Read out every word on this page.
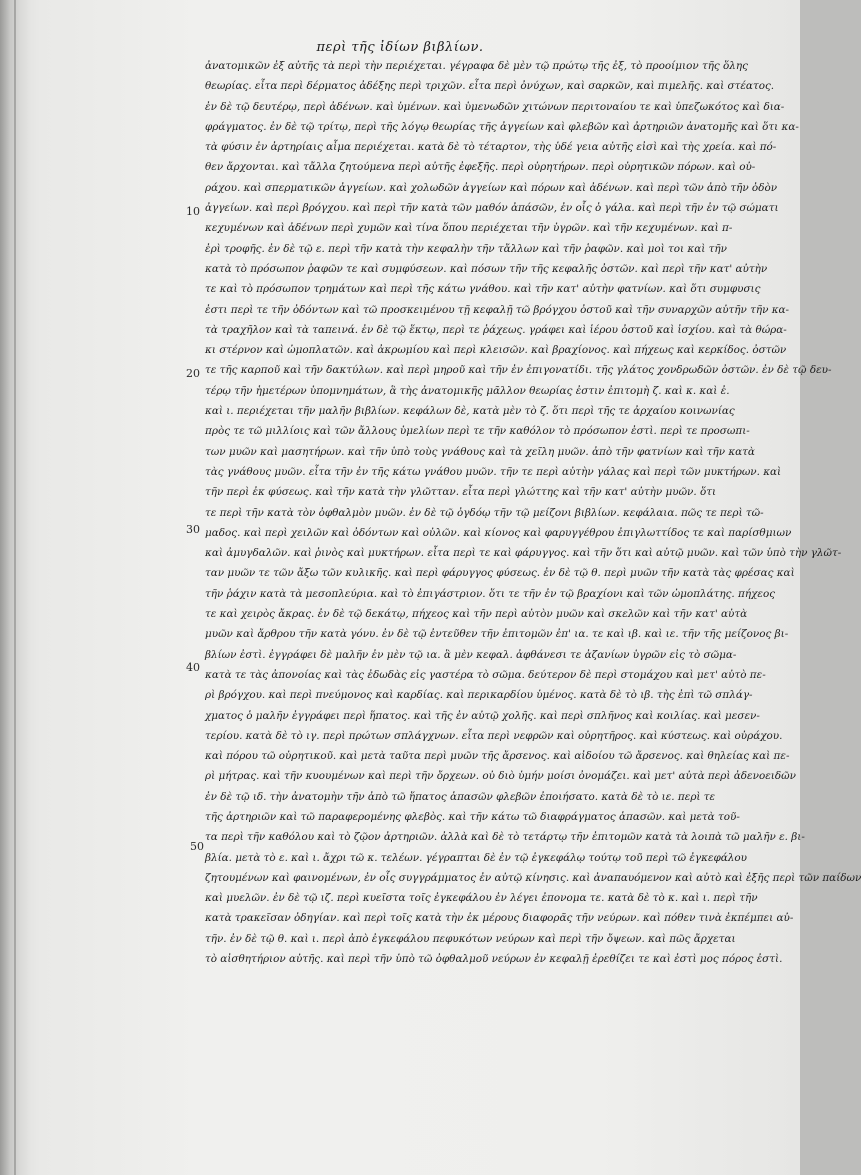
περὶ τῆς ἰδίων βιβλίων.
10
20
30
40
50
ἀνατομικῶν ἐξ αὐτῆς τὰ περὶ τὴν περιέχεται. γέγραφα δὲ μὲν τῷ πρώτῳ τῆς ἐξ, τὸ προοίμιον τῆς ὅλης
θεωρίας. εἶτα περὶ δέρματος ἀδέξης περὶ τριχῶν. εἶτα περὶ ὀνύχων, καὶ σαρκῶν, καὶ πιμελῆς. καὶ στέατος.
ἐν δὲ τῷ δευτέρῳ, περὶ ἀδένων. καὶ ὑμένων. καὶ ὑμενωδῶν χιτώνων περιτοναίου τε καὶ ὑπεζωκότος καὶ δια-
φράγματος. ἐν δὲ τῷ τρίτῳ, περὶ τῆς λόγῳ θεωρίας τῆς ἀγγείων καὶ φλεβῶν καὶ ἀρτηριῶν ἀνατομῆς καὶ ὅτι κα-
τὰ φύσιν ἐν ἀρτηρίαις αἷμα περιέχεται. κατὰ δὲ τὸ τέταρτον, τὴς ὑδέ γεια αὐτῆς εἰσὶ καὶ τὴς χρεία. καὶ πό-
θεν ἄρχονται. καὶ τἄλλα ζητούμενα περὶ αὐτῆς ἐφεξῆς. περὶ οὐρητήρων. περὶ οὐρητικῶν πόρων. καὶ οὐ-
ράχου. καὶ σπερματικῶν ἀγγείων. καὶ χολωδῶν ἀγγείων καὶ πόρων καὶ ἀδένων. καὶ περὶ τῶν ἀπὸ τῆν ὀδὸν
ἀγγείων. καὶ περὶ βρόγχου. καὶ περὶ τῆν κατὰ τῶν μαθόν ἀπάσῶν, ἐν οἷς ὁ γάλα. καὶ περὶ τῆν ἐν τῷ σώματι
κεχυμένων καὶ ἀδένων περὶ χυμῶν καὶ τίνα ὅπου περιέχεται τῆν ὑγρῶν. καὶ τῆν κεχυμένων. καὶ π-
ἐρὶ τροφῆς. ἐν δὲ τῷ ε. περὶ τῆν κατὰ τὴν κεφαλὴν τῆν τἄλλων καὶ τῆν ῥαφῶν. καὶ μοὶ τοι καὶ τῆν
κατὰ τὸ πρόσωπον ῥαφῶν τε καὶ συμφύσεων. καὶ πόσων τῆν τῆς κεφαλῆς ὀστῶν. καὶ περὶ τῆν κατ' αὐτὴν
τε καὶ τὸ πρόσωπον τρημάτων καὶ περὶ τῆς κάτω γνάθου. καὶ τῆν κατ' αὐτὴν φατνίων. καὶ ὅτι συμφυσις
ἐστι περὶ τε τῆν ὀδόντων καὶ τῶ προσκειμένου τῇ κεφαλῇ τῶ βρόγχου ὀστοῦ καὶ τῆν συναρχῶν αὐτῆν τῆν κα-
τὰ τραχῆλον καὶ τὰ ταπεινά. ἐν δὲ τῷ ἕκτῳ, περὶ τε ῥάχεως. γράφει καὶ ἱέρου ὀστοῦ καὶ ἰσχίου. καὶ τὰ θώρα-
κι στέρνον καὶ ὠμοπλατῶν. καὶ ἀκρωμίου καὶ περὶ κλεισῶν. καὶ βραχίονος. καὶ πήχεως καὶ κερκίδος. ὀστῶν
τε τῆς καρποῦ καὶ τῆν δακτύλων. καὶ περὶ μηροῦ καὶ τῆν ἐν ἐπιγονατίδι. τῆς γλάτος χονδρωδῶν ὀστῶν. ἐν δὲ τῷ δευ-
τέρῳ τῆν ἡμετέρων ὑπομνημάτων, ἃ τὴς ἀνατομικῆς μᾶλλον θεωρίας ἐστιν ἐπιτομὴ ζ. καὶ κ. καὶ ἐ.
καὶ ι. περιέχεται τῆν μαλῆν βιβλίων. κεφάλων δὲ, κατὰ μὲν τὸ ζ. ὅτι περὶ τῆς τε ἀρχαίου κοινωνίας
πρὸς τε τῶ μιλλίοις καὶ τῶν ἄλλους ὑμελίων περὶ τε τῆν καθόλον τὸ πρόσωπον ἐστὶ. περὶ τε προσωπι-
των μυῶν καὶ μασητήρων. καὶ τῆν ὑπὸ τοὺς γνάθους καὶ τὰ χεῖλη μυῶν. ἀπὸ τῆν φατνίων καὶ τῆν κατὰ
τὰς γνάθους μυῶν. εἶτα τῆν ἐν τῆς κάτω γνάθου μυῶν. τῆν τε περὶ αὐτὴν γάλας καὶ περὶ τῶν μυκτήρων. καὶ
τῆν περὶ ἐκ φύσεως. καὶ τῆν κατὰ τὴν γλῶτταν. εἶτα περὶ γλώττης καὶ τῆν κατ' αὐτὴν μυῶν. ὅτι
τε περὶ τῆν κατὰ τὸν ὀφθαλμὸν μυῶν. ἐν δὲ τῷ ὀγδόῳ τῆν τῷ μείζονι βιβλίων. κεφάλαια. πῶς τε περὶ τῶ-
μαδος. καὶ περὶ χειλῶν καὶ ὀδόντων καὶ οὐλῶν. καὶ κίονος καὶ φαρυγγέθρου ἐπιγλωττίδος τε καὶ παρίσθμιων
καὶ ἀμυγδαλῶν. καὶ ῥινὸς καὶ μυκτήρων. εἶτα περὶ τε καὶ φάρυγγος. καὶ τῆν ὅτι καὶ αὐτῷ μυῶν. καὶ τῶν ὑπὸ τὴν γλῶτ-
ταν μυῶν τε τῶν ἄξω τῶν κυλικῆς. καὶ περὶ φάρυγγος φύσεως. ἐν δὲ τῷ θ. περὶ μυῶν τῆν κατὰ τὰς φρέσας καὶ
τῆν ῥάχιν κατὰ τὰ μεσοπλεύρια. καὶ τὸ ἐπιγάστριον. ὅτι τε τῆν ἐν τῷ βραχίονι καὶ τῶν ὠμοπλάτης. πήχεος
τε καὶ χειρὸς ἄκρας. ἐν δὲ τῷ δεκάτῳ, πήχεος καὶ τῆν περὶ αὐτὸν μυῶν καὶ σκελῶν καὶ τῆν κατ' αὐτὰ
μυῶν καὶ ἄρθρου τῆν κατὰ γόνυ. ἐν δὲ τῷ ἐντεῦθεν τῆν ἐπιτομῶν ἐπ' ια. τε καὶ ιβ. καὶ ιε. τῆν τῆς μείζονος βι-
βλίων ἐστὶ. ἐγγράφει δὲ μαλῆν ἐν μὲν τῷ ια. ἃ μὲν κεφαλ. ἀφθάνεσι τε ἀζανίων ὑγρῶν εἰς τὸ σῶμα-
κατὰ τε τὰς ἀπονοίας καὶ τὰς ἐδωδὰς εἰς γαστέρα τὸ σῶμα. δεύτερον δὲ περὶ στομάχου καὶ μετ' αὐτὸ πε-
ρὶ βρόγχου. καὶ περὶ πνεύμονος καὶ καρδίας. καὶ περικαρδίου ὑμένος. κατὰ δὲ τὸ ιβ. τὴς ἐπὶ τῶ σπλάγ-
χματος ὁ μαλῆν ἐγγράφει περὶ ἥπατος. καὶ τῆς ἐν αὐτῷ χολῆς. καὶ περὶ σπλῆνος καὶ κοιλίας. καὶ μεσεν-
τερίου. κατὰ δὲ τὸ ιγ. περὶ πρώτων σπλάγχνων. εἶτα περὶ νεφρῶν καὶ οὐρητῆρος. καὶ κύστεως. καὶ οὐράχου.
καὶ πόρου τῶ οὐρητικοῦ. καὶ μετὰ ταῦτα περὶ μυῶν τῆς ἄρσενος. καὶ αἰδοίου τῶ ἄρσενος. καὶ θηλείας καὶ πε-
ρὶ μήτρας. καὶ τῆν κυουμένων καὶ περὶ τῆν ὄρχεων. οὐ διὸ ὑμήν μοίσι ὀνομάζει. καὶ μετ' αὐτὰ περὶ ἀδενοειδῶν
ἐν δὲ τῷ ιδ. τὴν ἀνατομὴν τῆν ἀπὸ τῶ ἥπατος ἁπασῶν φλεβῶν ἐποιήσατο. κατὰ δὲ τὸ ιε. περὶ τε
τῆς ἀρτηριῶν καὶ τῶ παραφερομένης φλεβὸς. καὶ τῆν κάτω τῶ διαφράγματος ἁπασῶν. καὶ μετὰ τοῦ-
τα περὶ τῆν καθόλου καὶ τὸ ζῷον ἀρτηριῶν. ἀλλὰ καὶ δὲ τὸ τετάρτῳ τῆν ἐπιτομῶν κατὰ τὰ λοιπὰ τῶ μαλῆν ε. βι-
βλία. μετὰ τὸ ε. καὶ ι. ἄχρι τῶ κ. τελέων. γέγραπται δὲ ἐν τῷ ἐγκεφάλῳ τούτῳ τοῦ περὶ τῶ ἐγκεφάλου
ζητουμένων καὶ φαινομένων, ἐν οἷς συγγράμματος ἐν αὐτῷ κίνησις. καὶ ἀναπαυόμενον καὶ αὐτὸ καὶ ἐξῆς περὶ τῶν παίδων
καὶ μυελῶν. ἐν δὲ τῷ ιζ. περὶ κυεῖστα τοῖς ἐγκεφάλου ἐν λέγει ἐπονομα τε. κατὰ δὲ τὸ κ. καὶ ι. περὶ τῆν
κατὰ τρακεῖσαν ὁδηγίαν. καὶ περὶ τοῖς κατὰ τὴν ἐκ μέρους διαφορᾶς τῆν νεύρων. καὶ πόθεν τινὰ ἐκπέμπει αὐ-
τῆν. ἐν δὲ τῷ θ. καὶ ι. περὶ ἀπὸ ἐγκεφάλου πεφυκότων νεύρων καὶ περὶ τῆν ὄψεων. καὶ πῶς ἄρχεται
τὸ αἰσθητήριον αὐτῆς. καὶ περὶ τῆν ὑπὸ τῶ ὀφθαλμοῦ νεύρων ἐν κεφαλῇ ἐρεθίζει τε καὶ ἐστὶ μος πόρος ἐστὶ.
